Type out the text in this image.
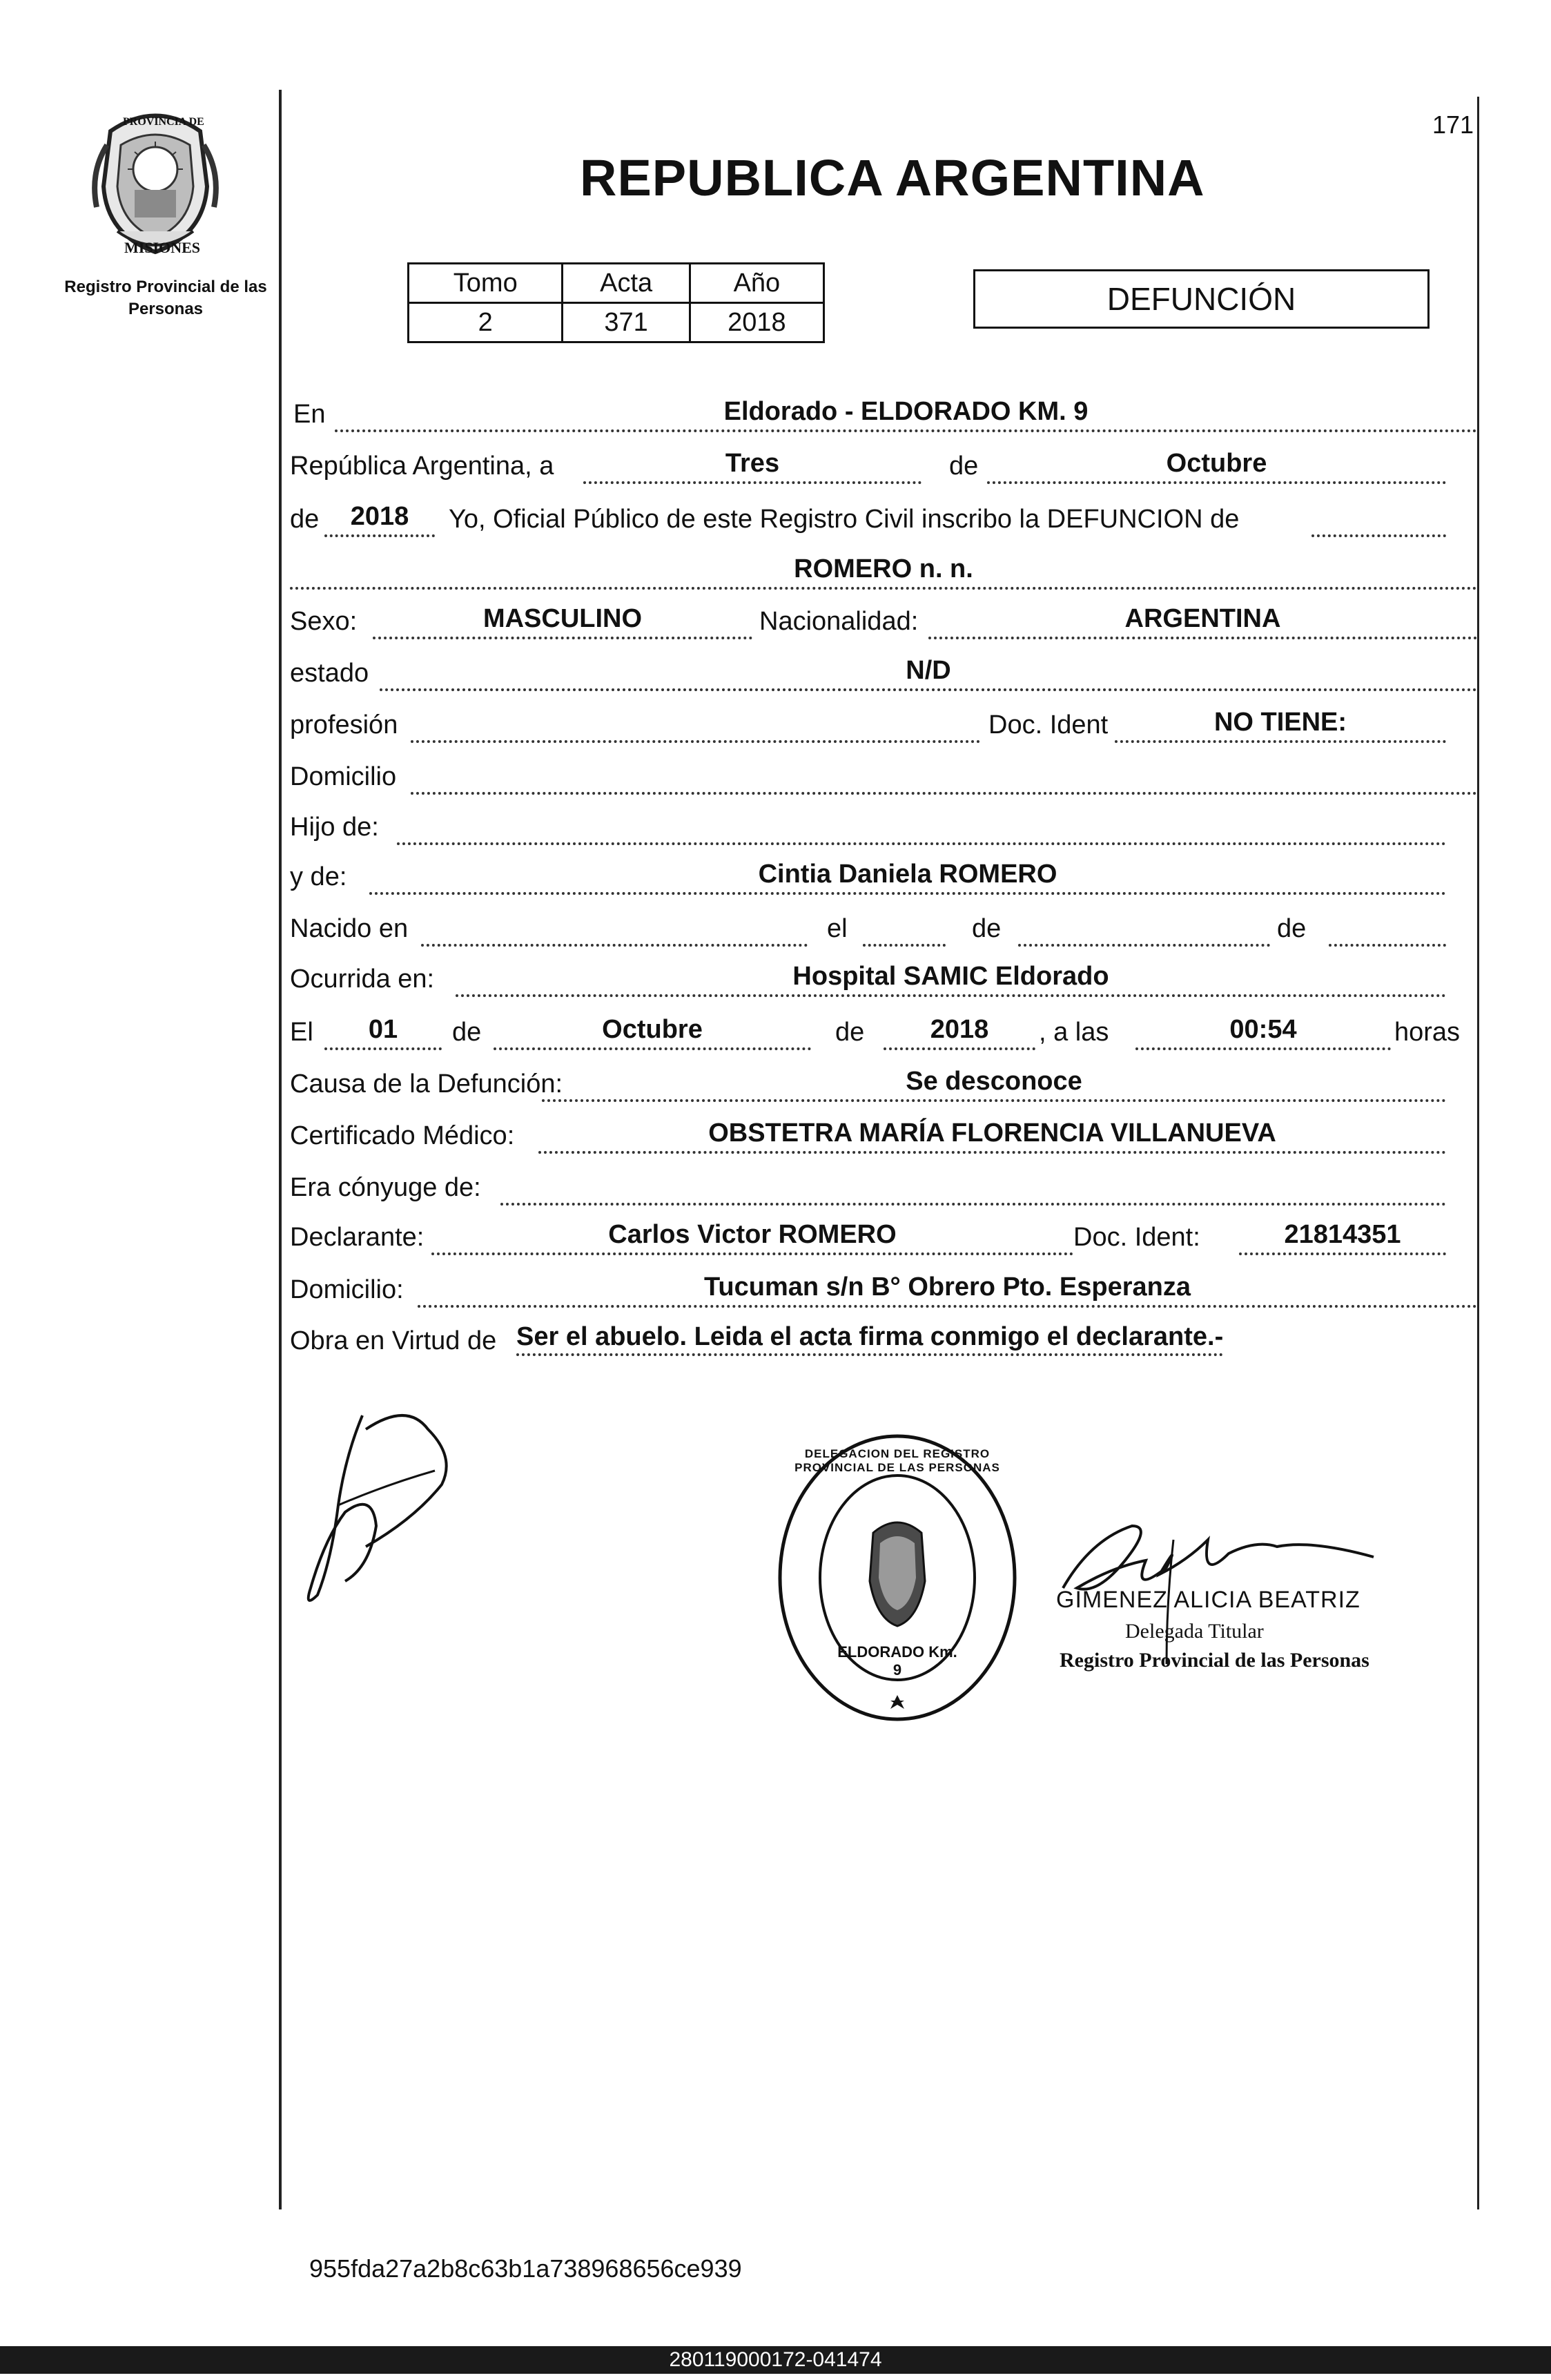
PROVINCIA DE
MISIONES
Registro Provincial de las Personas
171
REPUBLICA ARGENTINA
Tomo	Acta	Año
2	371	2018
DEFUNCIÓN
En	Eldorado - ELDORADO KM. 9
República Argentina, a	Tres	de	Octubre
de 2018 Yo, Oficial Público de este Registro Civil inscribo la DEFUNCION de
ROMERO n. n.
Sexo:	MASCULINO	Nacionalidad:	ARGENTINA
estado	N/D
profesión	Doc. Ident	NO TIENE:
Domicilio
Hijo de:
y de:	Cintia Daniela ROMERO
Nacido en	el	de	de
Ocurrida en:	Hospital SAMIC Eldorado
El 01 de	Octubre	de	2018 , a las	00:54	horas
Causa de la Defunción:	Se desconoce
Certificado Médico:	OBSTETRA MARÍA FLORENCIA VILLANUEVA
Era cónyuge de:
Declarante:	Carlos Victor ROMERO	Doc. Ident:	21814351
Domicilio:	Tucuman s/n B° Obrero Pto. Esperanza
Obra en Virtud de Ser el abuelo. Leida el acta firma conmigo el declarante.-
DELEGACION DEL REGISTRO PROVINCIAL DE LAS PERSONAS
ELDORADO Km. 9
GIMENEZ ALICIA BEATRIZ
Delegada Titular
Registro Provincial de las Personas
955fda27a2b8c63b1a738968656ce939
280119000172-041474
